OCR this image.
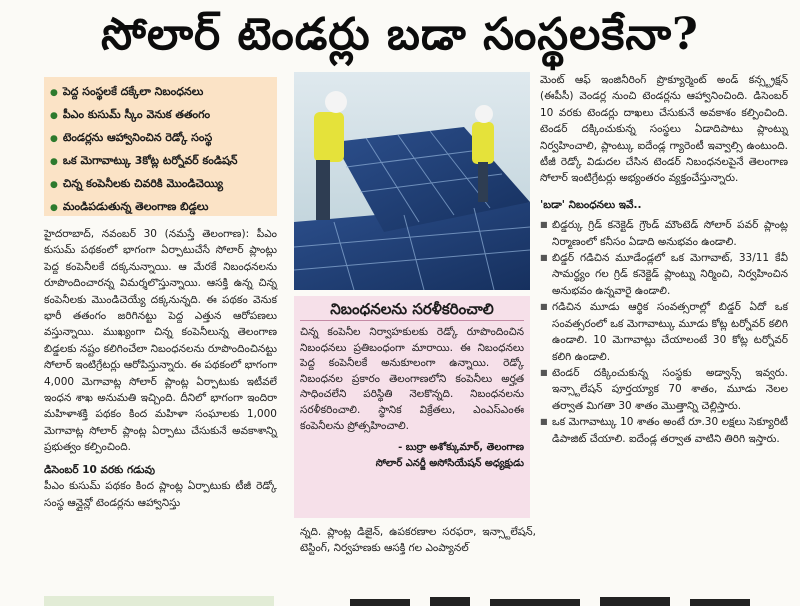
సోలార్ టెండర్లు బడా సంస్థలకేనా?
● పెద్ద సంస్థలకే దక్కేలా నిబంధనలు
● పీఎం కుసుమ్ స్కీం వెనుక తతంగం
● టెండర్లను ఆహ్వానించిన రెడ్కో సంస్థ
● ఒక మెగావాట్కు 3కోట్ల టర్నోవర్ కండిషన్
● చిన్న కంపెనీలకు చివరికి మొండిచెయ్యి
● మండిపడుతున్న తెలంగాణ బిడ్డలు

హైదరాబాద్, నవంబర్ 30 (నమస్తే తెలంగాణ): పీఎం కుసుమ్ పథకంలో భాగంగా ఏర్పాటుచేసే సోలార్ ప్లాంట్లు పెద్ద కంపెనీలకే దక్కనున్నాయి. ఆ మేరకే నిబంధనలను రూపొందించారన్న విమర్శలొస్తున్నాయి. ఆసక్తి ఉన్న చిన్న కంపెనీలకు మొండిచెయ్యే దక్కనున్నది. ఈ పథకం వెనుక భారీ తతంగం జరిగినట్టు పెద్ద ఎత్తున ఆరోపణలు వస్తున్నాయి. ముఖ్యంగా చిన్న కంపెనీలున్న తెలంగాణ బిడ్డలకు నష్టం కలిగించేలా నిబంధనలను రూపొందించినట్టు సోలార్ ఇంటిగ్రేటర్లు ఆరోపిస్తున్నారు. ఈ పథకంలో భాగంగా 4,000 మెగావాట్ల సోలార్ ప్లాంట్ల ఏర్పాటుకు ఇటీవలే ఇంధన శాఖ అనుమతి ఇచ్చింది. దీనిలో భాగంగా ఇందిరా మహిళాశక్తి పథకం కింద మహిళా సంఘాలకు 1,000 మెగావాట్ల సోలార్ ప్లాంట్ల ఏర్పాటు చేసుకునే అవకాశాన్ని ప్రభుత్వం కల్పించింది.

డిసెంబర్ 10 వరకు గడువు

పీఎం కుసుమ్ పథకం కింద ప్లాంట్ల ఏర్పాటుకు టీజీ రెడ్కో సంస్థ ఆన్లైన్లో టెండర్లను ఆహ్వానిస్తు

నిబంధనలను సరళీకరించాలి
చిన్న కంపెనీల నిర్వాహకులకు రెడ్కో రూపొందించిన నిబంధనలు ప్రతిబంధంగా మారాయి. ఈ నిబంధనలు పెద్ద కంపెనీలకే అనుకూలంగా ఉన్నాయి. రెడ్కో నిబంధనల ప్రకారం తెలంగాణలోని కంపెనీలు అర్హత సాధించలేని పరిస్థితి నెలకొన్నది. నిబంధనలను సరళీకరించాలి. స్థానిక విక్రేతలు, ఎంఎస్ఎంఈ కంపెనీలను ప్రోత్సహించాలి.
- బుర్రా అశోక్కుమార్, తెలంగాణ
సోలార్ ఎనర్జీ అసోసియేషన్ అధ్యక్షుడు
న్నది. ప్లాంట్ల డిజైన్, ఉపకరణాల సరఫరా, ఇన్స్టాలేషన్, టెస్టింగ్, నిర్వహణకు ఆసక్తి గల ఎంప్యానల్

మెంట్ ఆఫ్ ఇంజినీరింగ్ ప్రొక్యూర్మెంట్ అండ్ కన్స్ట్రక్షన్ (ఈపీసీ) వెండర్ల నుంచి టెండర్లను ఆహ్వానించింది. డిసెంబర్ 10 వరకు టెండర్లు దాఖలు చేసుకునే అవకాశం కల్పించింది. టెండర్ దక్కించుకున్న సంస్థలు ఏడాదిపాటు ప్లాంట్ను నిర్వహించాలి, ప్లాంట్కు ఐదేండ్ల గ్యారెంటీ ఇవ్వాల్సి ఉంటుంది. టీజీ రెడ్కో విడుదల చేసిన టెండర్ నిబంధనలపైనే తెలంగాణ సోలార్ ఇంటిగ్రేటర్లు అభ్యంతరం వ్యక్తంచేస్తున్నారు.

'బడా' నిబంధనలు ఇవే..

■ బిడ్డర్కు గ్రిడ్ కనెక్టెడ్ గ్రౌండ్ మౌంటెడ్ సోలార్ పవర్ ప్లాంట్ల నిర్మాణంలో కనీసం ఏడాది అనుభవం ఉండాలి.
■ బిడ్డర్ గడిచిన మూడేండ్లలో ఒక మెగావాట్, 33/11 కేవీ సామర్థ్యం గల గ్రిడ్ కనెక్టెడ్ ప్లాంట్ను నిర్మించి, నిర్వహించిన అనుభవం ఉన్నవారై ఉండాలి.
■ గడిచిన మూడు ఆర్థిక సంవత్సరాల్లో బిడ్డర్ ఏదో ఒక సంవత్సరంలో ఒక మెగావాట్కు మూడు కోట్ల టర్నోవర్ కలిగి ఉండాలి. 10 మెగావాట్లు చేయాలంటే 30 కోట్ల టర్నోవర్ కలిగి ఉండాలి.
■ టెండర్ దక్కించుకున్న సంస్థకు అడ్వాన్స్ ఇవ్వరు. ఇన్స్టాలేషన్ పూర్తయ్యాక 70 శాతం, మూడు నెలల తర్వాత మిగతా 30 శాతం మొత్తాన్ని చెల్లిస్తారు.
■ ఒక మెగావాట్కు 10 శాతం అంటే రూ.30 లక్షలు సెక్యూరిటీ డిపాజిట్ చేయాలి. ఐదేండ్ల తర్వాత వాటిని తిరిగి ఇస్తారు.
